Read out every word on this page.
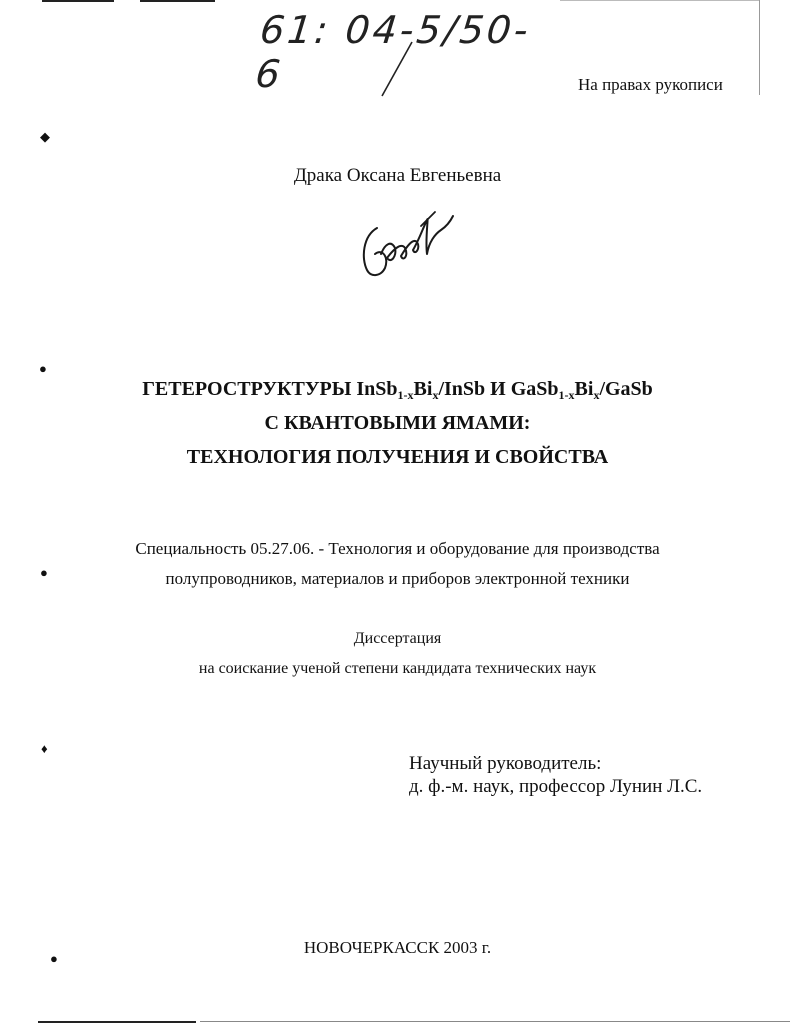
◆
●
●
♦
●
61: 04-5/50-6	На правах рукописи
Драка Оксана Евгеньевна
ГЕТЕРОСТРУКТУРЫ $InSb_{1-x}Bi_x$/InSb И $GaSb_{1-x}Bi_x$/GaSb
С КВАНТОВЫМИ ЯМАМИ:
ТЕХНОЛОГИЯ ПОЛУЧЕНИЯ И СВОЙСТВА
Специальность 05.27.06. - Технология и оборудование для производства
полупроводников, материалов и приборов электронной техники
Диссертация
на соискание ученой степени кандидата технических наук
Научный руководитель:
д. ф.-м. наук, профессор Лунин Л.С.
НОВОЧЕРКАССК 2003 г.
